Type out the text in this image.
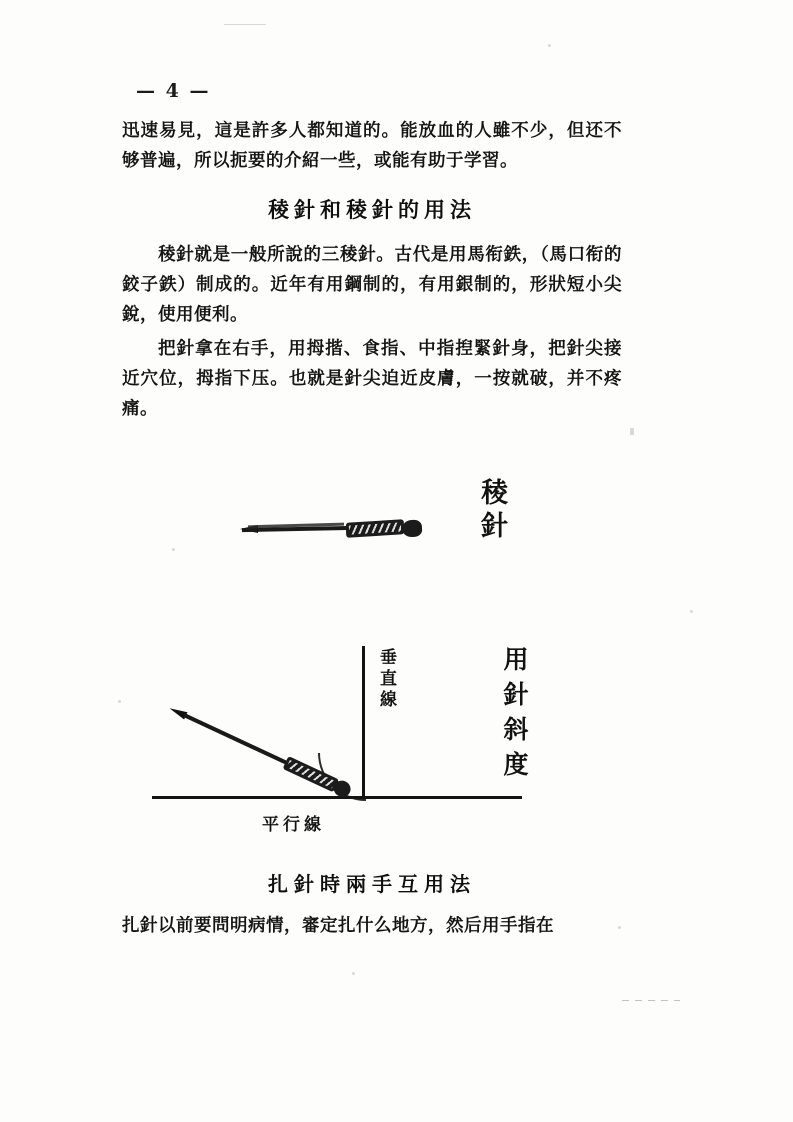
— 4 —

迅速易見，這是許多人都知道的。能放血的人雖不少，但还不够普遍，所以扼要的介紹一些，或能有助于学習。

稜針和稜針的用法

稜針就是一般所說的三稜針。古代是用馬衔鉄，（馬口衔的鉸子鉄）制成的。近年有用鋼制的，有用銀制的，形狀短小尖銳，使用便利。

把針拿在右手，用拇揩、食指、中指揑緊針身，把針尖接近穴位，拇指下压。也就是針尖迫近皮膚，一按就破，并不疼痛。

稜針
垂直線
平行線
用針斜度
扎針時兩手互用法

扎針以前要問明病情，審定扎什么地方，然后用手指在
